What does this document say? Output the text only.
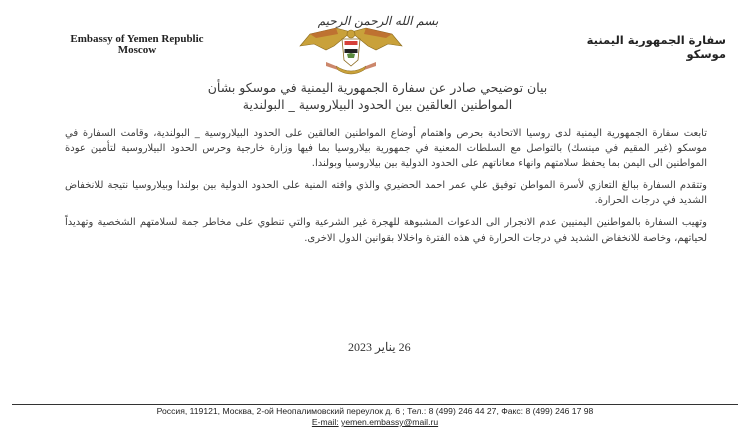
بسم الله الرحمن الرحيم
Embassy of Yemen Republic
Moscow
سفارة الجمهورية اليمنية
موسكو
بيان توضيحي صادر عن سفارة الجمهورية اليمنية في موسكو بشأن
المواطنين العالقين بين الحدود البيلاروسية _ البولندية

تابعت سفارة الجمهورية اليمنية لدى روسيا الاتحادية بحرص واهتمام أوضاع المواطنين العالقين على الحدود البيلاروسية _ البولندية، وقامت السفارة في موسكو (غير المقيم في مينسك) بالتواصل مع السلطات المعنية في جمهورية بيلاروسيا بما فيها وزارة خارجية وحرس الحدود البيلاروسية لتأمين عودة المواطنين الى اليمن بما يحفظ سلامتهم وانهاء معاناتهم على الحدود الدولية بين بيلاروسيا وبولندا.

وتتقدم السفارة ببالغ التعازي لأسرة المواطن توفيق علي عمر احمد الحضيري والذي وافته المنية على الحدود الدولية بين بولندا وبيلاروسيا نتيجة للانخفاض الشديد في درجات الحرارة.

وتهيب السفارة بالمواطنين اليمنيين عدم الانجرار الى الدعوات المشبوهة للهجرة غير الشرعية والتي تنطوي على مخاطر جمة لسلامتهم الشخصية وتهديداً لحياتهم، وخاصة للانخفاض الشديد في درجات الحرارة في هذه الفترة واخلالا بقوانين الدول الاخرى.

26 يناير 2023
Россия, 119121, Москва, 2-ой Неопалимовский переулок д. 6 ; Тел.: 8 (499) 246 44 27, Факс: 8 (499) 246 17 98
E-mail: yemen.embassy@mail.ru
